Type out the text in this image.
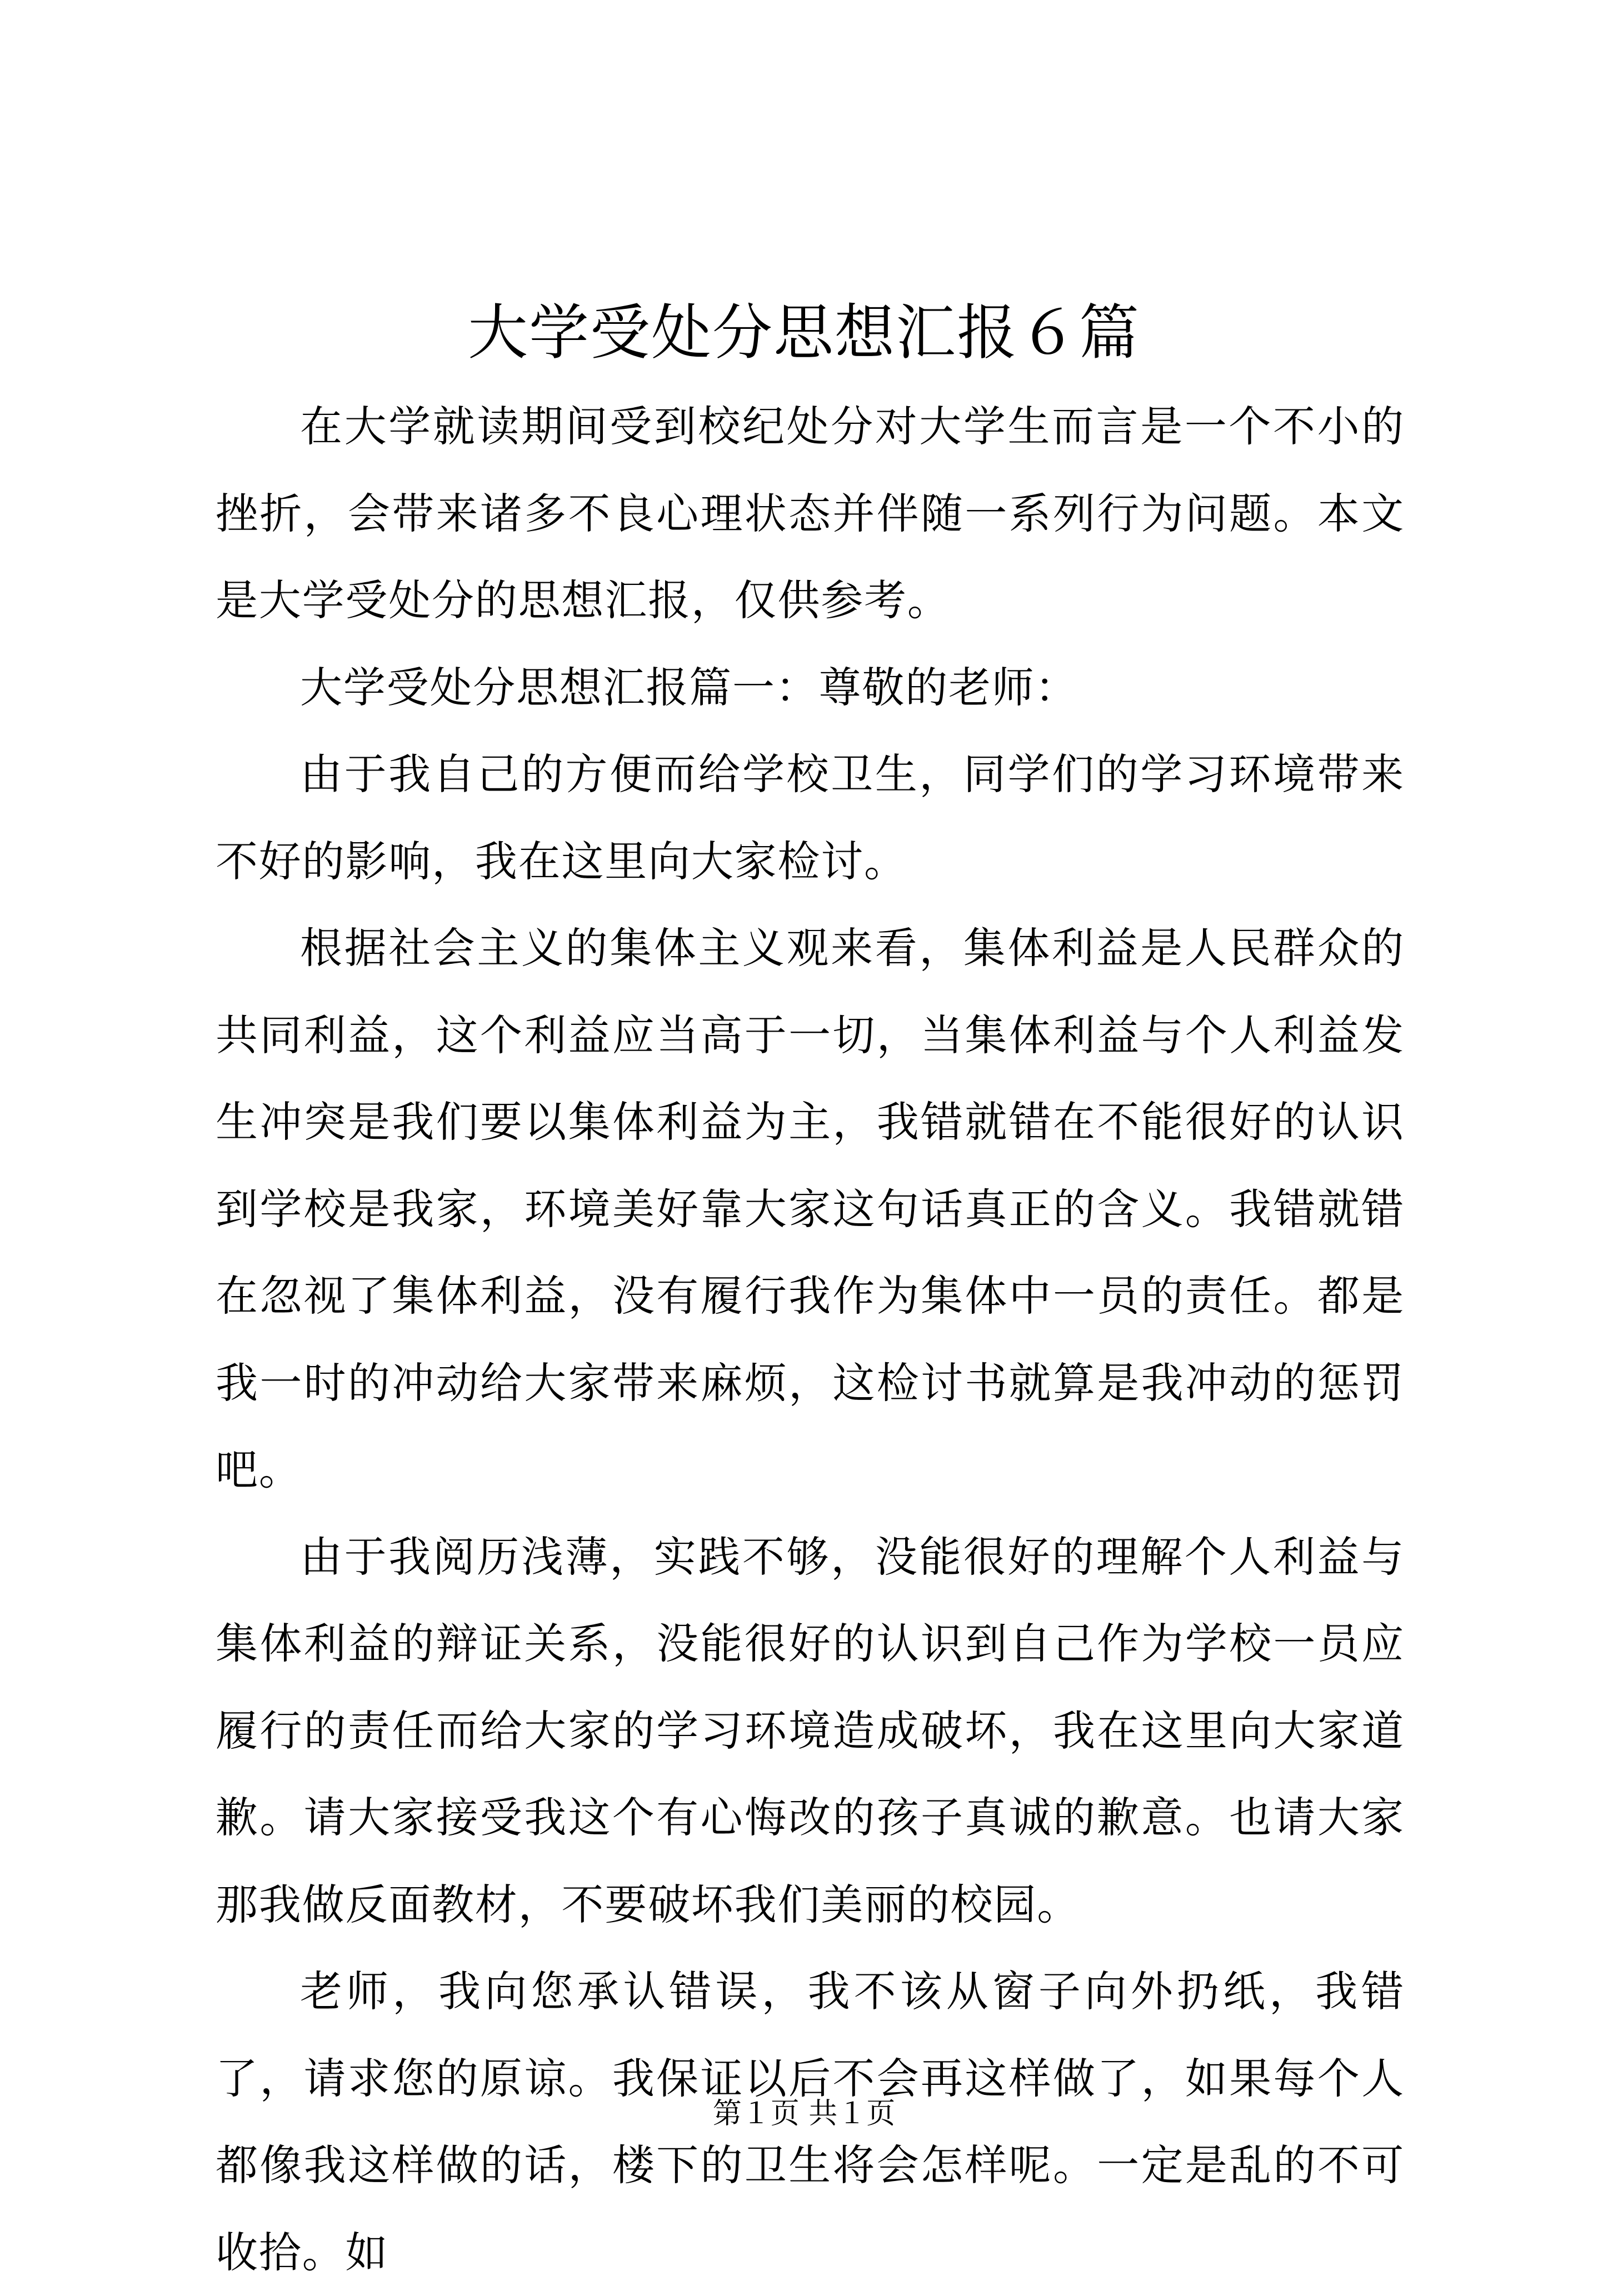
大学受处分思想汇报６篇

在大学就读期间受到校纪处分对大学生而言是一个不小的挫折，会带来诸多不良心理状态并伴随一系列行为问题。本文是大学受处分的思想汇报，仅供参考。

大学受处分思想汇报篇一：尊敬的老师：

由于我自己的方便而给学校卫生，同学们的学习环境带来不好的影响，我在这里向大家检讨。

根据社会主义的集体主义观来看，集体利益是人民群众的共同利益，这个利益应当高于一切，当集体利益与个人利益发生冲突是我们要以集体利益为主，我错就错在不能很好的认识到学校是我家，环境美好靠大家这句话真正的含义。我错就错在忽视了集体利益，没有履行我作为集体中一员的责任。都是我一时的冲动给大家带来麻烦，这检讨书就算是我冲动的惩罚吧。

由于我阅历浅薄，实践不够，没能很好的理解个人利益与集体利益的辩证关系，没能很好的认识到自己作为学校一员应履行的责任而给大家的学习环境造成破坏，我在这里向大家道歉。请大家接受我这个有心悔改的孩子真诚的歉意。也请大家那我做反面教材，不要破坏我们美丽的校园。

老师，我向您承认错误，我不该从窗子向外扔纸，我错了，请求您的原谅。我保证以后不会再这样做了，如果每个人都像我这样做的话，楼下的卫生将会怎样呢。一定是乱的不可收拾。如

第１页 共１页
